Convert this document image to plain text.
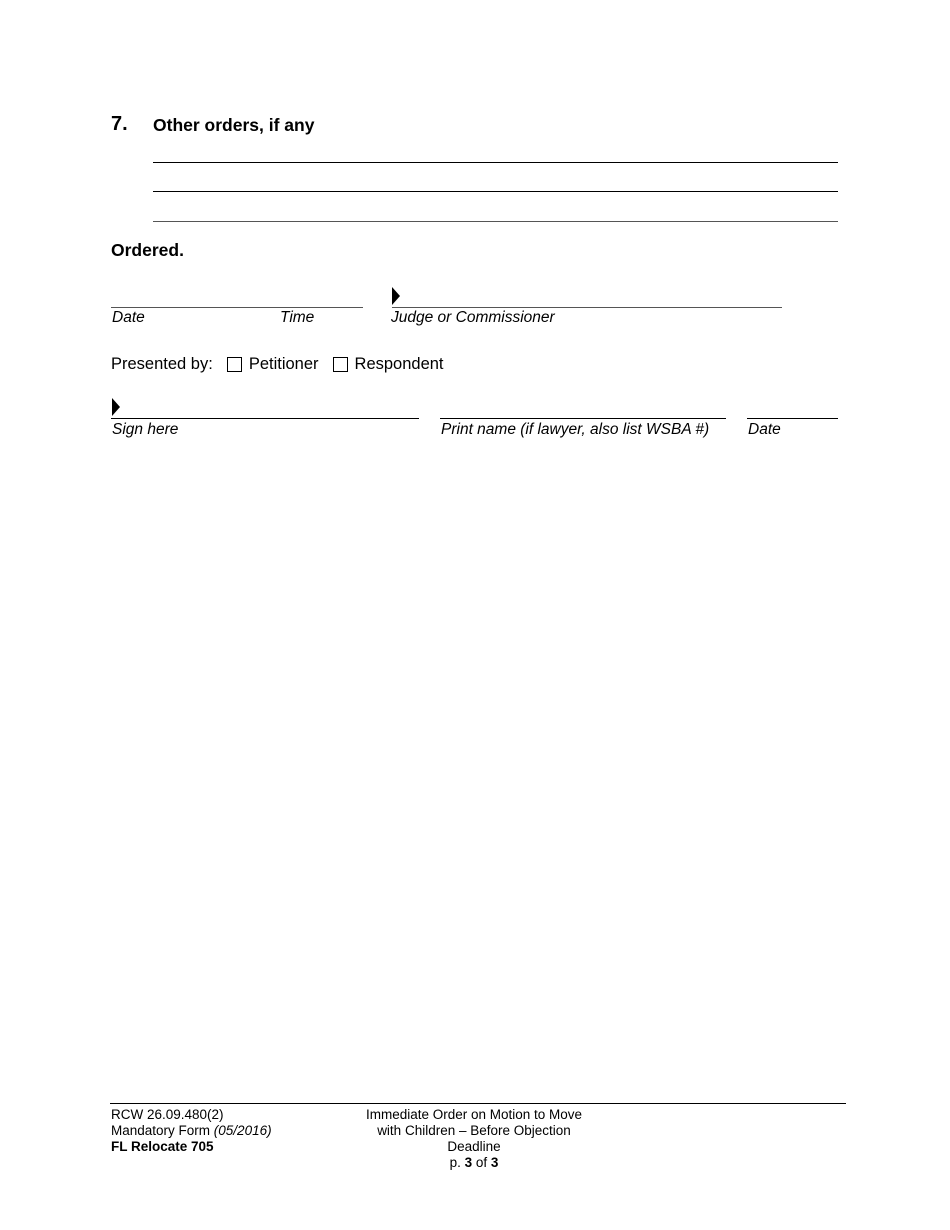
7. Other orders, if any
Ordered.
Date	Time	Judge or Commissioner
Presented by: Petitioner Respondent
Sign here	Print name (if lawyer, also list WSBA #)	Date
RCW 26.09.480(2)
Mandatory Form (05/2016)
FL Relocate 705
Immediate Order on Motion to Move
with Children – Before Objection
Deadline
p. 3 of 3
